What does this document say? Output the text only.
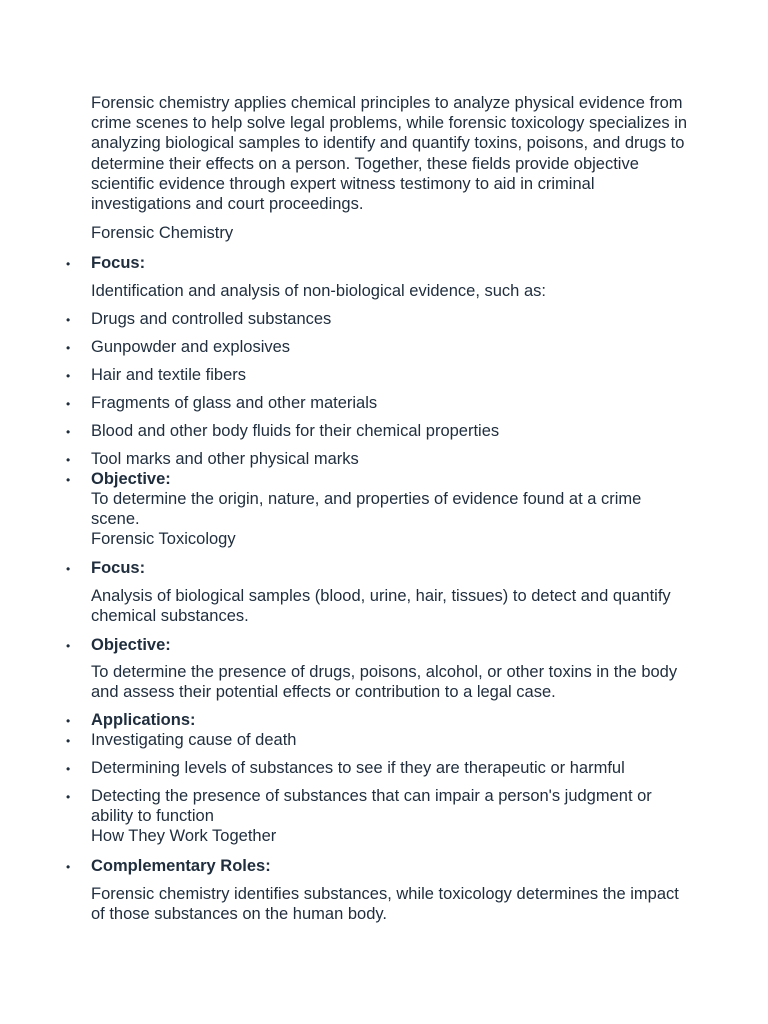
Forensic chemistry applies chemical principles to analyze physical evidence from crime scenes to help solve legal problems, while forensic toxicology specializes in analyzing biological samples to identify and quantify toxins, poisons, and drugs to determine their effects on a person. Together, these fields provide objective scientific evidence through expert witness testimony to aid in criminal investigations and court proceedings.

Forensic Chemistry

• Focus:

Identification and analysis of non-biological evidence, such as:

• Drugs and controlled substances

• Gunpowder and explosives

• Hair and textile fibers

• Fragments of glass and other materials

• Blood and other body fluids for their chemical properties

• Tool marks and other physical marks

• Objective:

To determine the origin, nature, and properties of evidence found at a crime scene.

Forensic Toxicology

• Focus:

Analysis of biological samples (blood, urine, hair, tissues) to detect and quantify chemical substances.

• Objective:

To determine the presence of drugs, poisons, alcohol, or other toxins in the body and assess their potential effects or contribution to a legal case.

• Applications:

• Investigating cause of death

• Determining levels of substances to see if they are therapeutic or harmful

• Detecting the presence of substances that can impair a person's judgment or ability to function

How They Work Together

• Complementary Roles:

Forensic chemistry identifies substances, while toxicology determines the impact of those substances on the human body.
